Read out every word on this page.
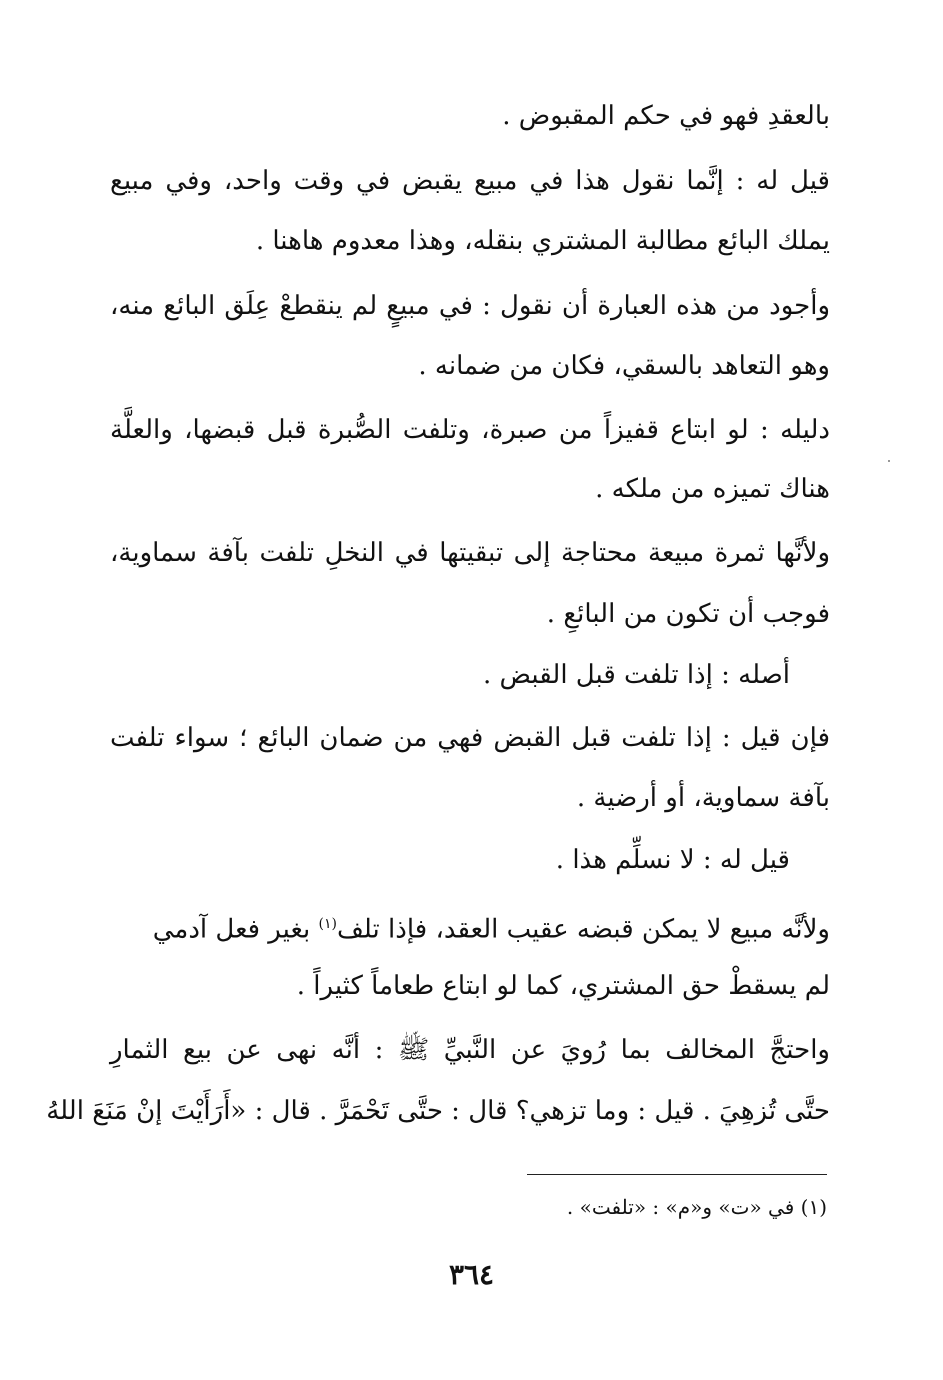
بالعقدِ فهو في حكم المقبوض .
قيل له : إنَّما نقول هذا في مبيع يقبض في وقت واحد، وفي مبيع
يملك البائع مطالبة المشتري بنقله، وهذا معدوم هاهنا .
وأجود من هذه العبارة أن نقول : في مبيعٍ لم ينقطعْ عِلَق البائع منه،
وهو التعاهد بالسقي، فكان من ضمانه .
دليله : لو ابتاع قفيزاً من صبرة، وتلفت الصُّبرة قبل قبضها، والعلَّة
هناك تميزه من ملكه .
ولأنَّها ثمرة مبيعة محتاجة إلى تبقيتها في النخلِ تلفت بآفة سماوية،
فوجب أن تكون من البائعِ .
أصله : إذا تلفت قبل القبض .
فإن قيل : إذا تلفت قبل القبض فهي من ضمان البائع ؛ سواء تلفت
بآفة سماوية، أو أرضية .
قيل له : لا نسلِّم هذا .
ولأنَّه مبيع لا يمكن قبضه عقيب العقد، فإذا تلف$^{(١)}$ بغير فعل آدمي
لم يسقطْ حق المشتري، كما لو ابتاع طعاماً كثيراً .
واحتجَّ المخالف بما رُويَ عن النَّبيِّ ﷺ : أنَّه نهى عن بيع الثمارِ
حتَّى تُزهِيَ . قيل : وما تزهي؟ قال : حتَّى تَحْمَرَّ . قال : «أَرَأَيْتَ إنْ مَنَعَ اللهُ
(١) في «ت» و«م» : «تلفت» .
٣٦٤
